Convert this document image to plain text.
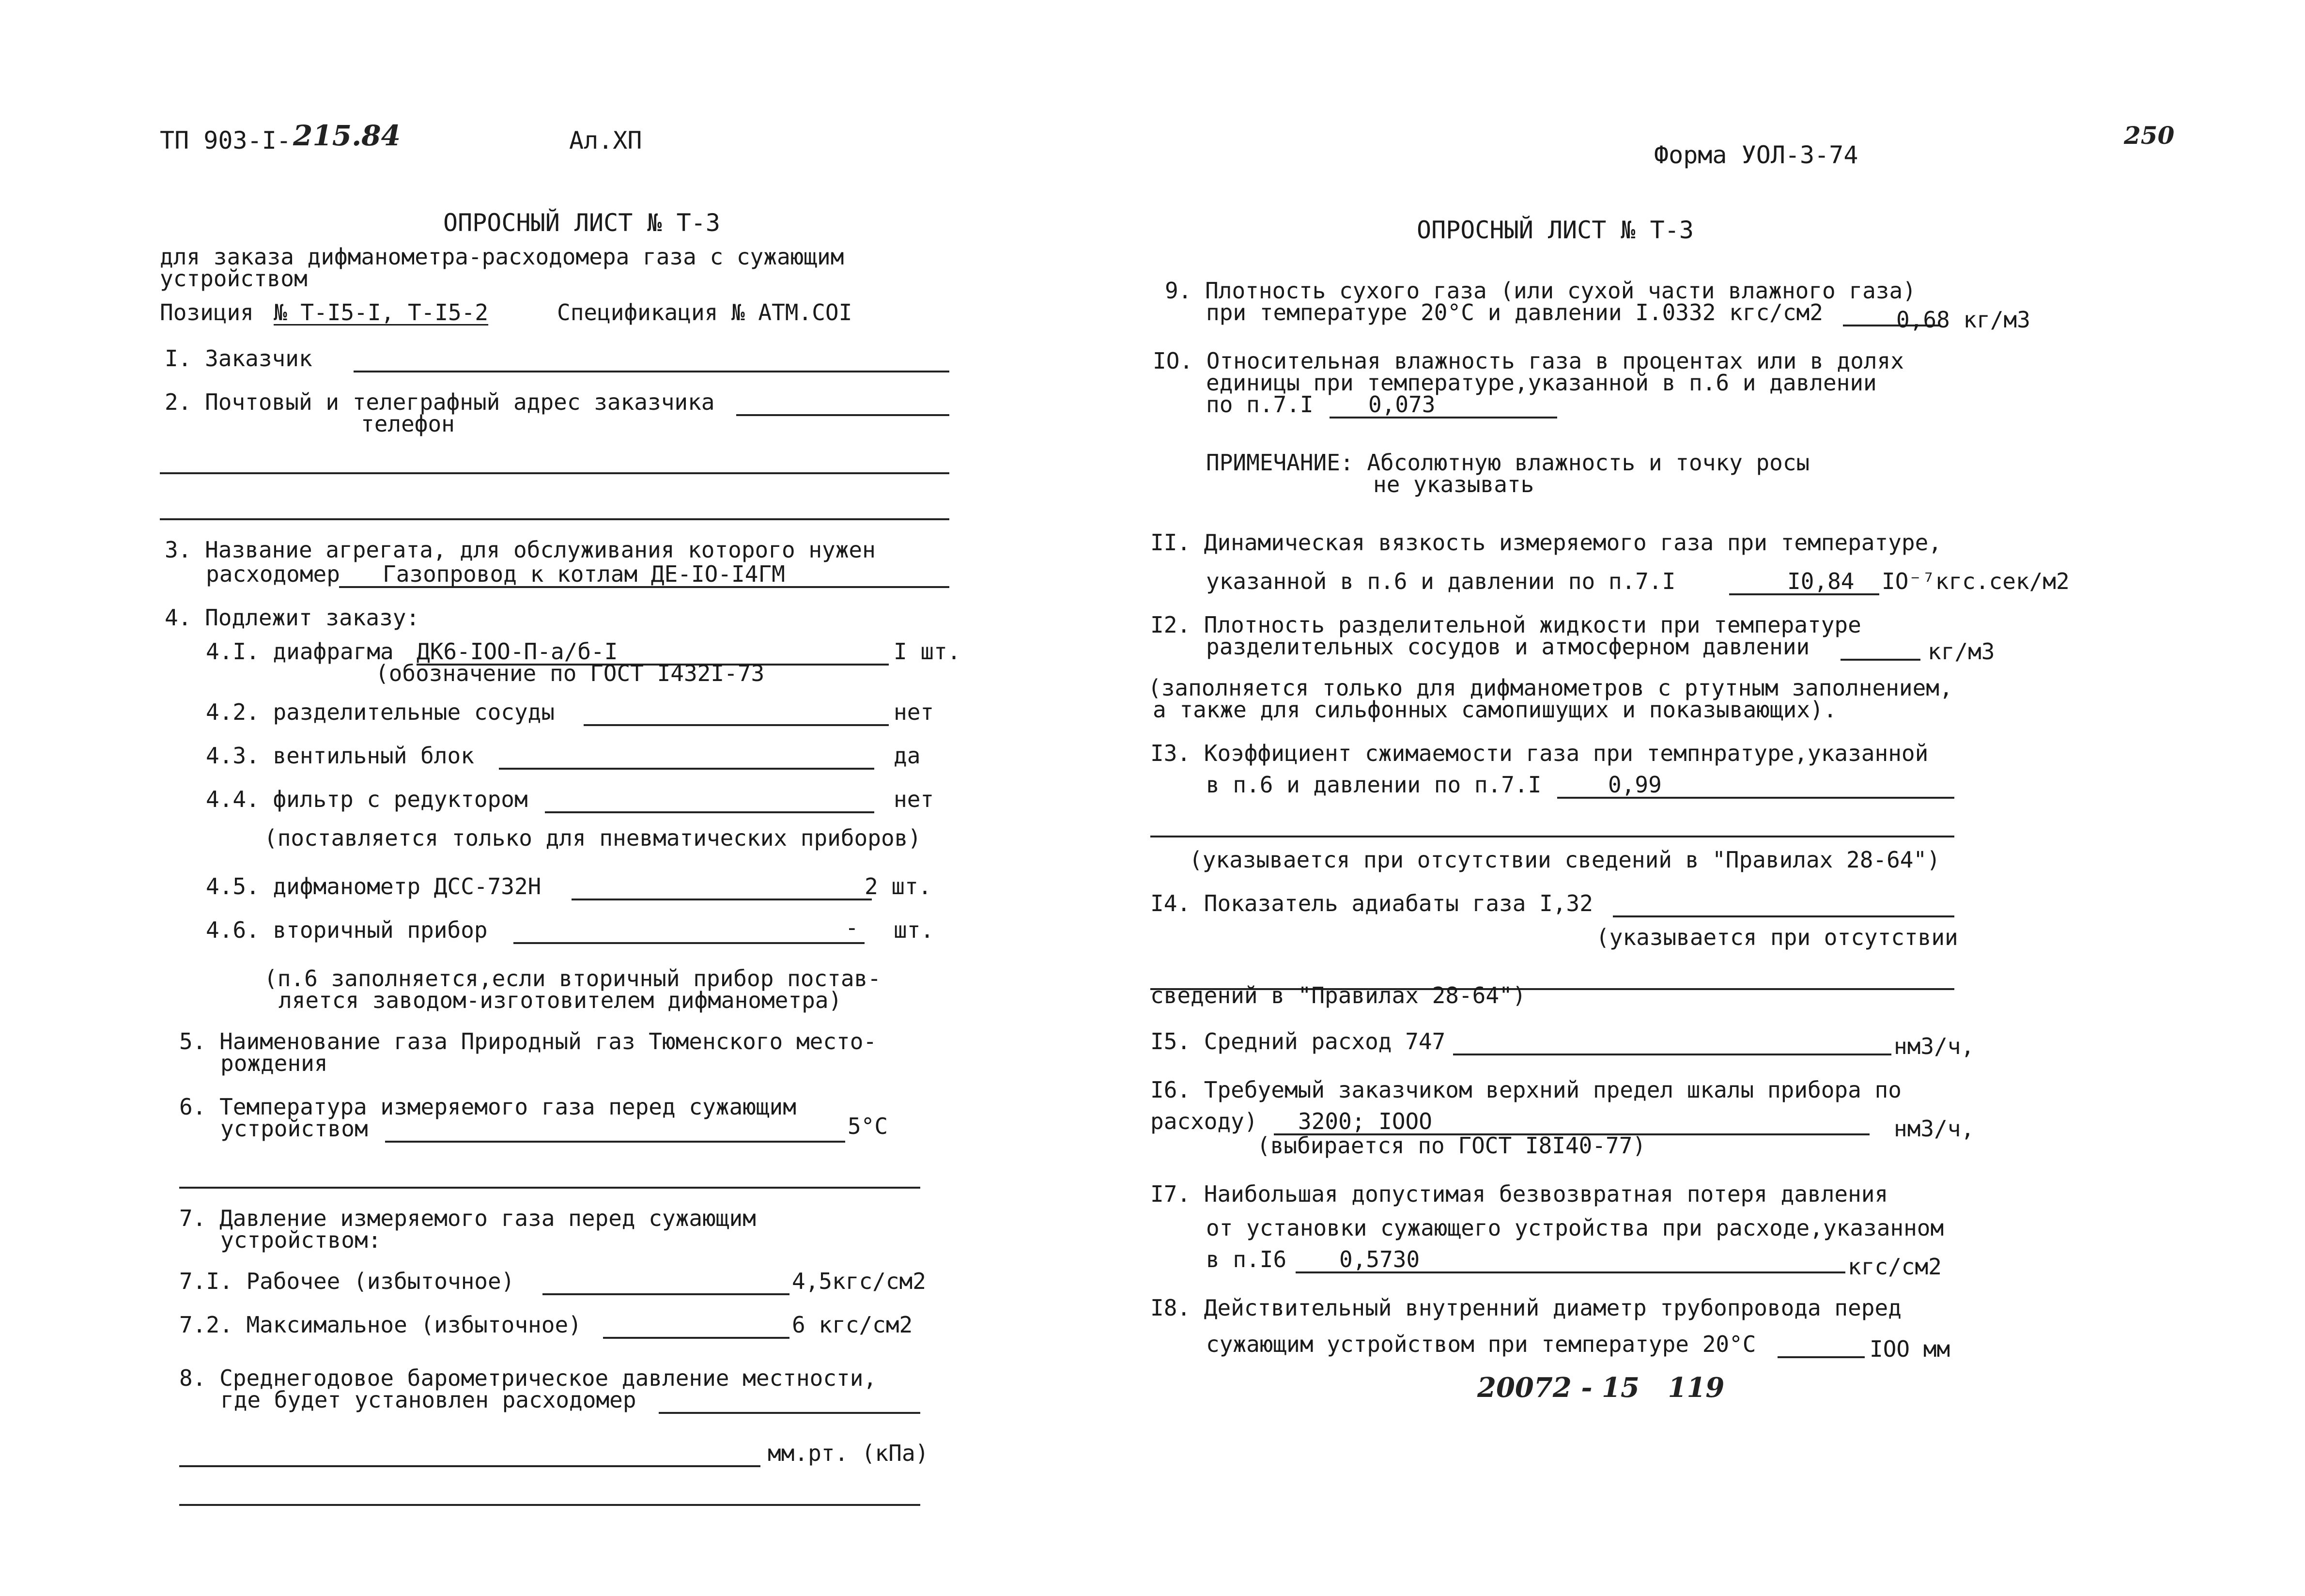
ТП 903-I- 215.84	Ал.ХП
ОПРОСНЫЙ ЛИСТ № Т-3
для заказа дифманометра-расходомера газа с сужающим
устройством
Позиция № Т-I5-I, Т-I5-2	Спецификация № АТМ.СОI
I. Заказчик
2. Почтовый и телеграфный адрес заказчика
телефон
3. Название агрегата, для обслуживания которого нужен
расходомер Газопровод к котлам ДЕ-IО-I4ГМ
4. Подлежит заказу:
4.I. диафрагма ДК6-IОО-П-а/б-I	I шт.
(обозначение по ГОСТ I432I-73
4.2. разделительные сосуды	нет
4.3. вентильный блок	да
4.4. фильтр с редуктором	нет
(поставляется только для пневматических приборов)
4.5. дифманометр ДСС-732Н	2 шт.
4.6. вторичный прибор	- шт.
(п.6 заполняется,если вторичный прибор постав-
ляется заводом-изготовителем дифманометра)
5. Наименование газа Природный газ Тюменского место-
рождения
6. Температура измеряемого газа перед сужающим
устройством	5°C
7. Давление измеряемого газа перед сужающим
устройством:
7.I. Рабочее (избыточное)	4,5кгс/см2
7.2. Максимальное (избыточное)	6 кгс/см2
8. Среднегодовое барометрическое давление местности,
где будет установлен расходомер
мм.рт. (кПа)
Форма УОЛ-3-74
250
ОПРОСНЫЙ ЛИСТ № Т-3
9. Плотность сухого газа (или сухой части влажного газа)
при температуре 20°С и давлении I.0332 кгс/см2	0,68 кг/м3
IО. Относительная влажность газа в процентах или в долях
единицы при температуре,указанной в п.6 и давлении
по п.7.I 0,073
ПРИМЕЧАНИЕ: Абсолютную влажность и точку росы
не указывать
II. Динамическая вязкость измеряемого газа при температуре,
указанной в п.6 и давлении по п.7.I	I0,84 IО⁻⁷кгс.сек/м2
I2. Плотность разделительной жидкости при температуре
разделительных сосудов и атмосферном давлении	кг/м3
(заполняется только для дифманометров с ртутным заполнением,
а также для сильфонных самопишущих и показывающих).
I3. Коэффициент сжимаемости газа при темпнратуре,указанной
в п.6 и давлении по п.7.I	0,99
(указывается при отсутствии сведений в "Правилах 28-64")
I4. Показатель адиабаты газа I,32
(указывается при отсутствии
сведений в "Правилах 28-64")
I5. Средний расход 747	нм3/ч,
I6. Требуемый заказчиком верхний предел шкалы прибора по
расходу) 3200; IООО	нм3/ч,
(выбирается по ГОСТ I8I40-77)
I7. Наибольшая допустимая безвозвратная потеря давления
от установки сужающего устройства при расходе,указанном
в п.I6 0,5730	кгс/см2
I8. Действительный внутренний диаметр трубопровода перед
сужающим устройством при температуре 20°С	IОО мм
20072 - 15   119
